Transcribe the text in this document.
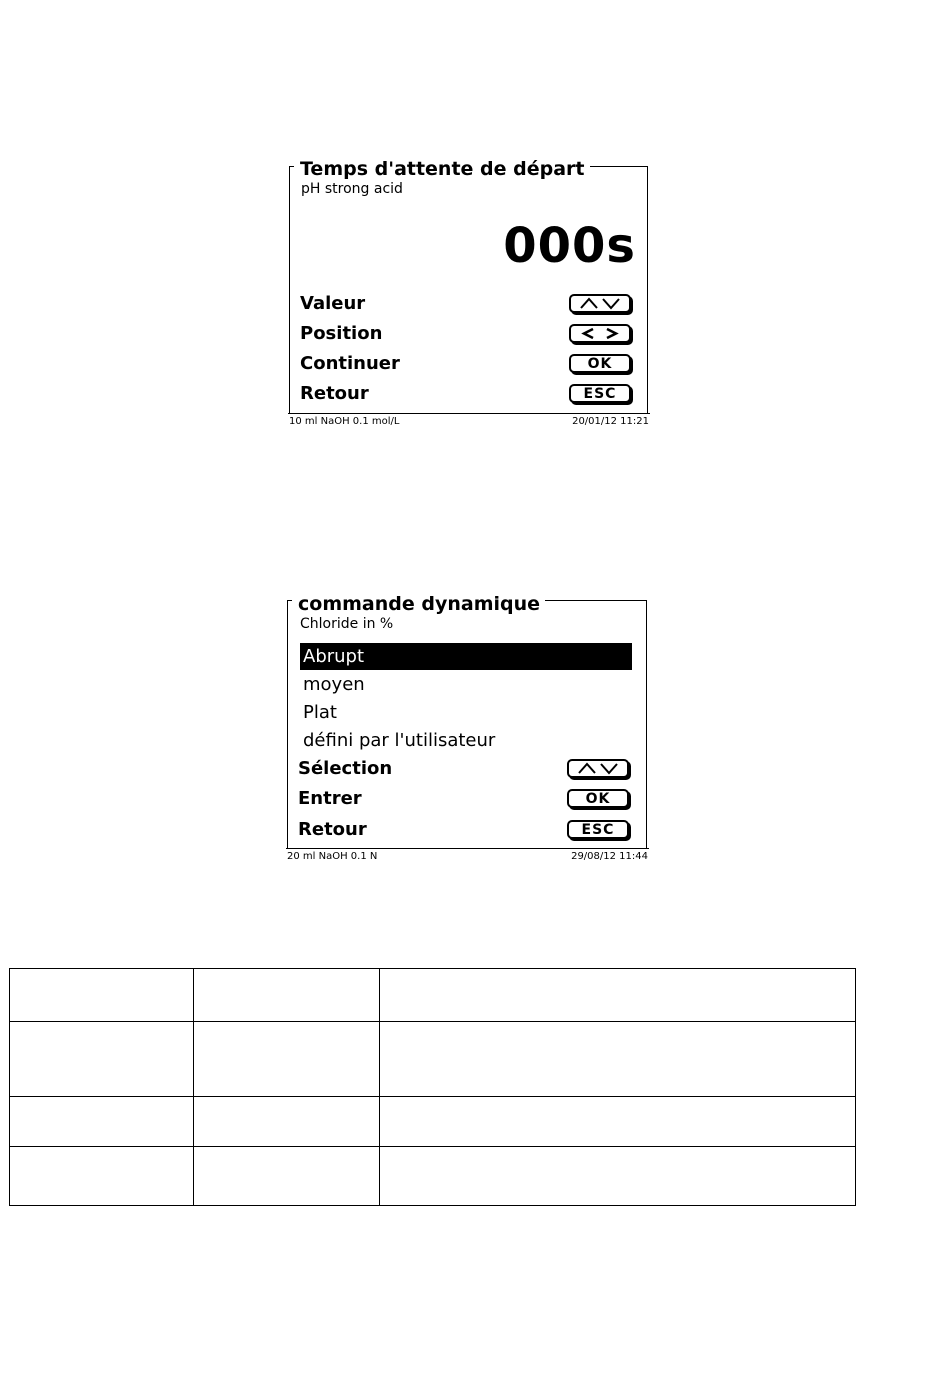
Temps d'attente de départ
pH strong acid
000s
Valeur
Position
Continuer	OK
Retour	ESC
10 ml NaOH 0.1 mol/L	20/01/12 11:21
commande dynamique
Chloride in %
Abrupt
moyen
Plat
défini par l'utilisateur
Sélection
Entrer	OK
Retour	ESC
20 ml NaOH 0.1 N	29/08/12 11:44
